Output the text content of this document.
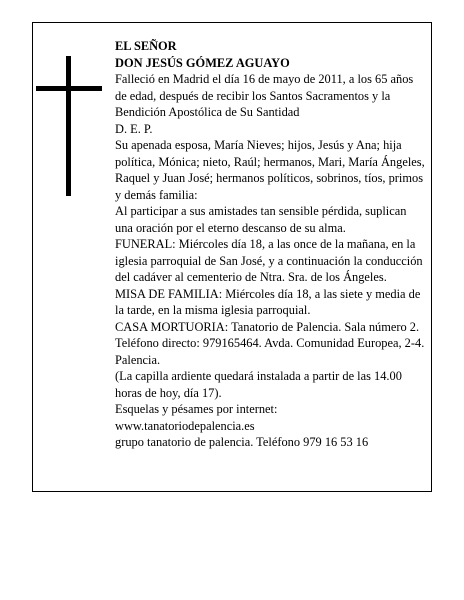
EL SEÑOR

DON JESÚS GÓMEZ AGUAYO

Falleció en Madrid el día 16 de mayo de 2011, a los 65 años de edad, después de recibir los Santos Sacramentos y la Bendición Apostólica de Su Santidad

D. E. P.

Su apenada esposa, María Nieves; hijos, Jesús y Ana; hija política, Mónica; nieto, Raúl; hermanos, Mari, María Ángeles, Raquel y Juan José; hermanos políticos, sobrinos, tíos, primos y demás familia:

Al participar a sus amistades tan sensible pérdida, suplican una oración por el eterno descanso de su alma.

FUNERAL: Miércoles día 18, a las once de la mañana, en la iglesia parroquial de San José, y a continuación la conducción del cadáver al cementerio de Ntra. Sra. de los Ángeles.

MISA DE FAMILIA: Miércoles día 18, a las siete y media de la tarde, en la misma iglesia parroquial.

CASA MORTUORIA: Tanatorio de Palencia. Sala número 2. Teléfono directo: 979165464. Avda. Comunidad Europea, 2-4. Palencia.

(La capilla ardiente quedará instalada a partir de las 14.00 horas de hoy, día 17).

Esquelas y pésames por internet:

www.tanatoriodepalencia.es

grupo tanatorio de palencia. Teléfono 979 16 53 16
